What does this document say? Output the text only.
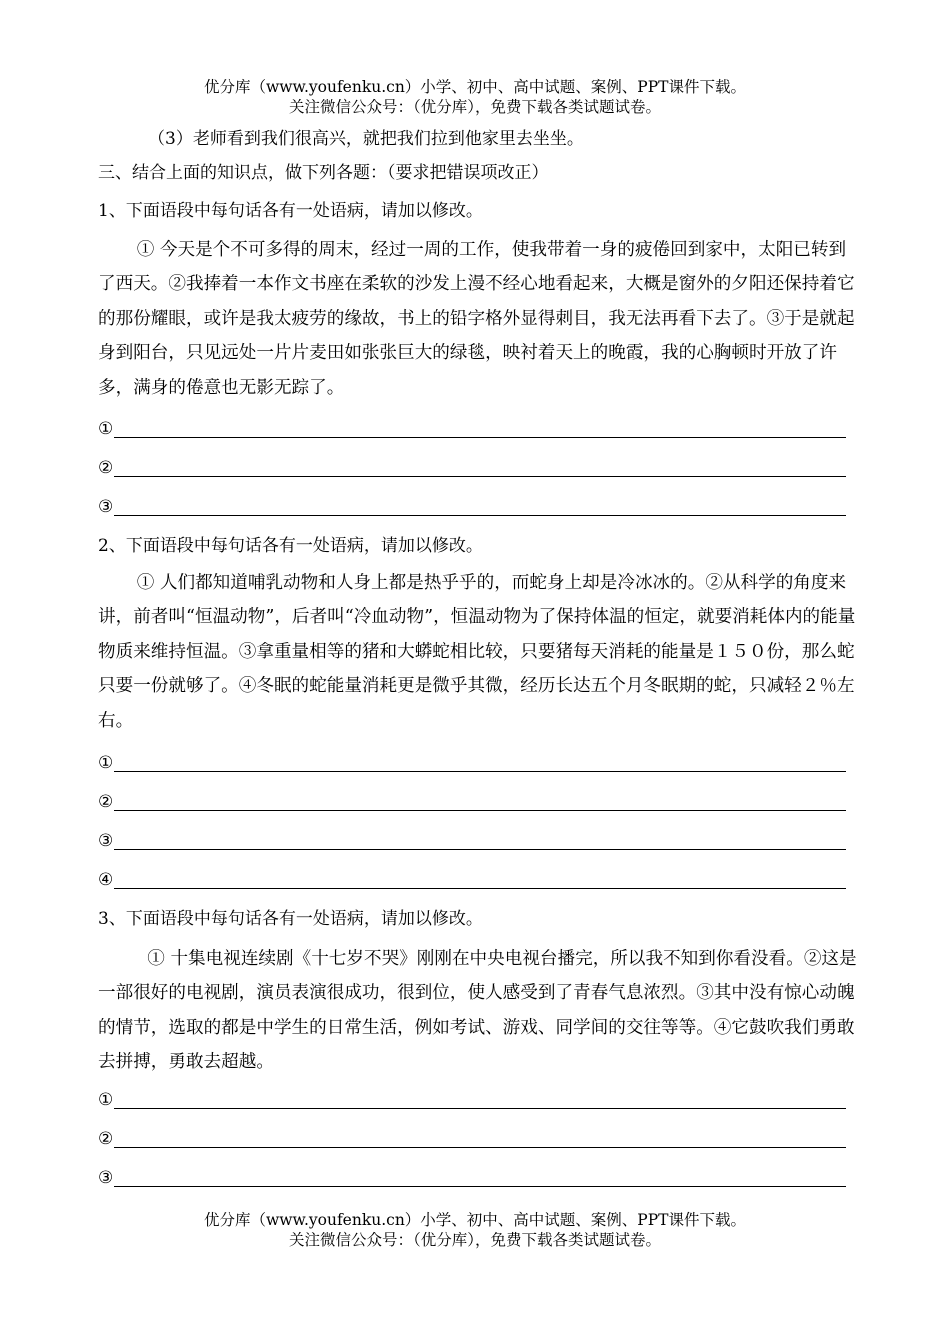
优分库（www.youfenku.cn）小学、初中、高中试题、案例、PPT课件下载。
关注微信公众号：（优分库），免费下载各类试题试卷。
（3）老师看到我们很高兴，就把我们拉到他家里去坐坐。
三、结合上面的知识点，做下列各题：（要求把错误项改正）
1、下面语段中每句话各有一处语病，请加以修改。
① 今天是个不可多得的周末，经过一周的工作，使我带着一身的疲倦回到家中，太阳已转到了西天。②我捧着一本作文书座在柔软的沙发上漫不经心地看起来，大概是窗外的夕阳还保持着它的那份耀眼，或许是我太疲劳的缘故，书上的铅字格外显得刺目，我无法再看下去了。③于是就起身到阳台，只见远处一片片麦田如张张巨大的绿毯，映衬着天上的晚霞，我的心胸顿时开放了许多，满身的倦意也无影无踪了。
①
②
③
2、下面语段中每句话各有一处语病，请加以修改。
① 人们都知道哺乳动物和人身上都是热乎乎的，而蛇身上却是冷冰冰的。②从科学的角度来讲，前者叫“恒温动物”，后者叫“冷血动物”，恒温动物为了保持体温的恒定，就要消耗体内的能量物质来维持恒温。③拿重量相等的猪和大蟒蛇相比较，只要猪每天消耗的能量是１５０份，那么蛇只要一份就够了。④冬眠的蛇能量消耗更是微乎其微，经历长达五个月冬眠期的蛇，只减轻２％左右。
①
②
③
④
3、下面语段中每句话各有一处语病，请加以修改。
① 十集电视连续剧《十七岁不哭》刚刚在中央电视台播完，所以我不知到你看没看。②这是一部很好的电视剧，演员表演很成功，很到位，使人感受到了青春气息浓烈。③其中没有惊心动魄的情节，选取的都是中学生的日常生活，例如考试、游戏、同学间的交往等等。④它鼓吹我们勇敢去拼搏，勇敢去超越。
①
②
③
优分库（www.youfenku.cn）小学、初中、高中试题、案例、PPT课件下载。
关注微信公众号：（优分库），免费下载各类试题试卷。
